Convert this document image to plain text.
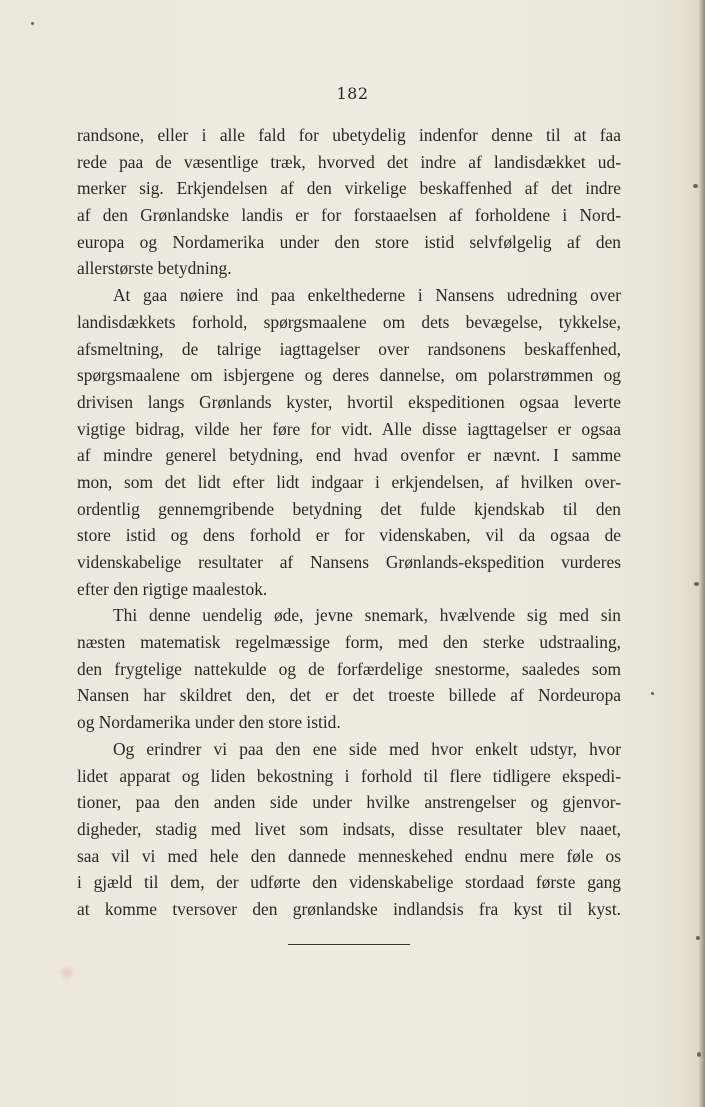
182
randsone, eller i alle fald for ubetydelig indenfor denne til at faa
rede paa de væsentlige træk, hvorved det indre af landisdækket ud-
merker sig. Erkjendelsen af den virkelige beskaffenhed af det indre
af den Grønlandske landis er for forstaaelsen af forholdene i Nord-
europa og Nordamerika under den store istid selvfølgelig af den
allerstørste betydning.
At gaa nøiere ind paa enkelthederne i Nansens udredning over
landisdækkets forhold, spørgsmaalene om dets bevægelse, tykkelse,
afsmeltning, de talrige iagttagelser over randsonens beskaffenhed,
spørgsmaalene om isbjergene og deres dannelse, om polarstrømmen og
drivisen langs Grønlands kyster, hvortil ekspeditionen ogsaa leverte
vigtige bidrag, vilde her føre for vidt. Alle disse iagttagelser er ogsaa
af mindre generel betydning, end hvad ovenfor er nævnt. I samme
mon, som det lidt efter lidt indgaar i erkjendelsen, af hvilken over-
ordentlig gennemgribende betydning det fulde kjendskab til den
store istid og dens forhold er for videnskaben, vil da ogsaa de
videnskabelige resultater af Nansens Grønlands-ekspedition vurderes
efter den rigtige maalestok.
Thi denne uendelig øde, jevne snemark, hvælvende sig med sin
næsten matematisk regelmæssige form, med den sterke udstraaling,
den frygtelige nattekulde og de forfærdelige snestorme, saaledes som
Nansen har skildret den, det er det troeste billede af Nordeuropa
og Nordamerika under den store istid.
Og erindrer vi paa den ene side med hvor enkelt udstyr, hvor
lidet apparat og liden bekostning i forhold til flere tidligere ekspedi-
tioner, paa den anden side under hvilke anstrengelser og gjenvor-
digheder, stadig med livet som indsats, disse resultater blev naaet,
saa vil vi med hele den dannede menneskehed endnu mere føle os
i gjæld til dem, der udførte den videnskabelige stordaad første gang
at komme tversover den grønlandske indlandsis fra kyst til kyst.
